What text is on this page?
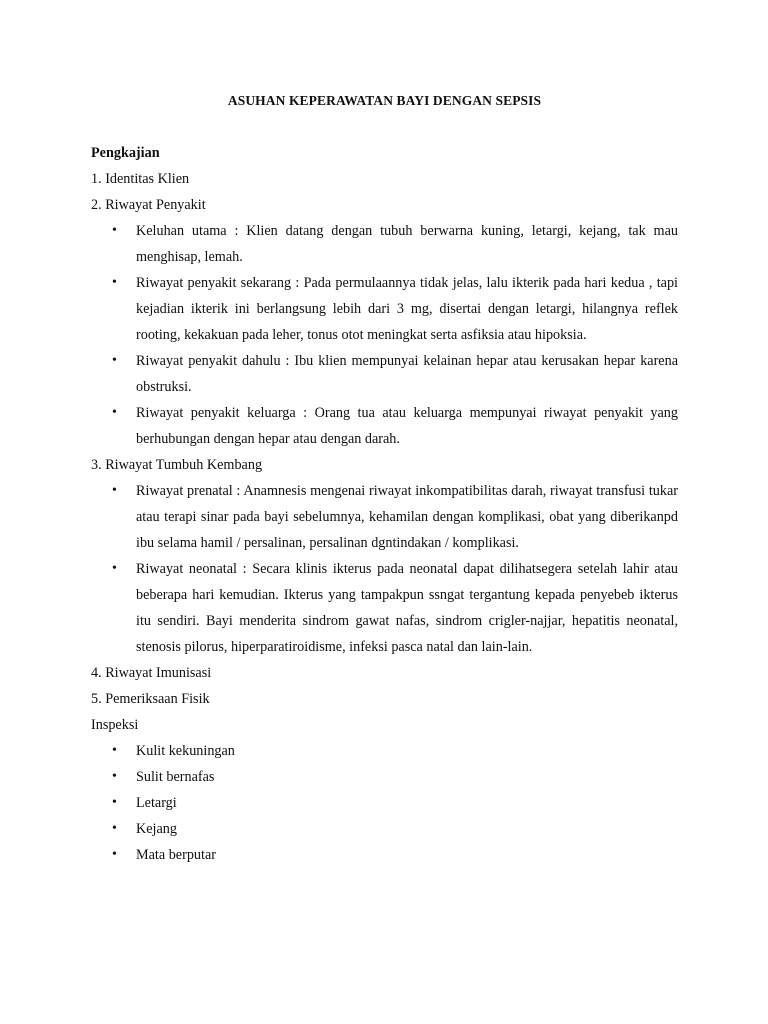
ASUHAN KEPERAWATAN BAYI DENGAN SEPSIS
Pengkajian
1. Identitas Klien
2. Riwayat Penyakit
• Keluhan utama : Klien datang dengan tubuh berwarna kuning, letargi, kejang, tak mau menghisap, lemah.
• Riwayat penyakit sekarang : Pada permulaannya tidak jelas, lalu ikterik pada hari kedua , tapi kejadian ikterik ini berlangsung lebih dari 3 mg, disertai dengan letargi, hilangnya reflek rooting, kekakuan pada leher, tonus otot meningkat serta asfiksia atau hipoksia.
• Riwayat penyakit dahulu : Ibu klien mempunyai kelainan hepar atau kerusakan hepar karena obstruksi.
• Riwayat penyakit keluarga : Orang tua atau keluarga mempunyai riwayat penyakit yang berhubungan dengan hepar atau dengan darah.
3. Riwayat Tumbuh Kembang
• Riwayat prenatal : Anamnesis mengenai riwayat inkompatibilitas darah, riwayat transfusi tukar atau terapi sinar pada bayi sebelumnya, kehamilan dengan komplikasi, obat yang diberikanpd ibu selama hamil / persalinan, persalinan dgntindakan / komplikasi.
• Riwayat neonatal : Secara klinis ikterus pada neonatal dapat dilihatsegera setelah lahir atau beberapa hari kemudian. Ikterus yang tampakpun ssngat tergantung kepada penyebeb ikterus itu sendiri. Bayi menderita sindrom gawat nafas, sindrom crigler-najjar, hepatitis neonatal, stenosis pilorus, hiperparatiroidisme, infeksi pasca natal dan lain-lain.
4. Riwayat Imunisasi
5. Pemeriksaan Fisik
Inspeksi
• Kulit kekuningan
• Sulit bernafas
• Letargi
• Kejang
• Mata berputar
